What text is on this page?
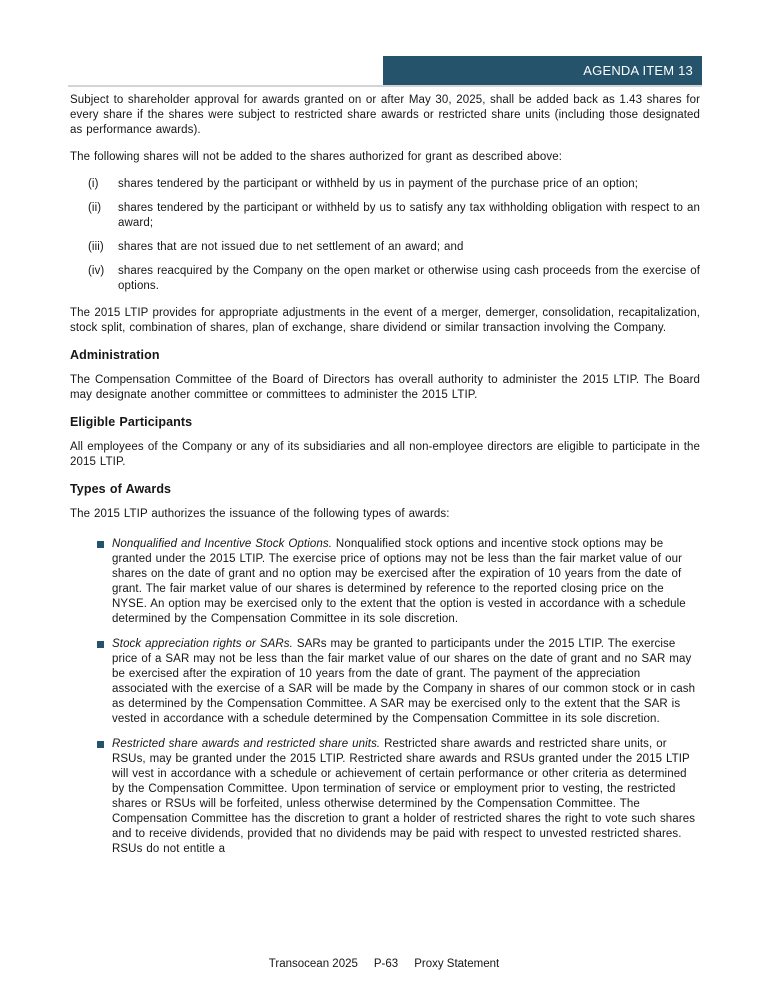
AGENDA ITEM 13

Subject to shareholder approval for awards granted on or after May 30, 2025, shall be added back as 1.43 shares for every share if the shares were subject to restricted share awards or restricted share units (including those designated as performance awards).

The following shares will not be added to the shares authorized for grant as described above:

(i)	shares tendered by the participant or withheld by us in payment of the purchase price of an option;
(ii)	shares tendered by the participant or withheld by us to satisfy any tax withholding obligation with respect to an award;
(iii)	shares that are not issued due to net settlement of an award; and
(iv)	shares reacquired by the Company on the open market or otherwise using cash proceeds from the exercise of options.

The 2015 LTIP provides for appropriate adjustments in the event of a merger, demerger, consolidation, recapitalization, stock split, combination of shares, plan of exchange, share dividend or similar transaction involving the Company.

Administration

The Compensation Committee of the Board of Directors has overall authority to administer the 2015 LTIP. The Board may designate another committee or committees to administer the 2015 LTIP.

Eligible Participants

All employees of the Company or any of its subsidiaries and all non-employee directors are eligible to participate in the 2015 LTIP.

Types of Awards

The 2015 LTIP authorizes the issuance of the following types of awards:

Nonqualified and Incentive Stock Options. Nonqualified stock options and incentive stock options may be granted under the 2015 LTIP. The exercise price of options may not be less than the fair market value of our shares on the date of grant and no option may be exercised after the expiration of 10 years from the date of grant. The fair market value of our shares is determined by reference to the reported closing price on the NYSE. An option may be exercised only to the extent that the option is vested in accordance with a schedule determined by the Compensation Committee in its sole discretion.
Stock appreciation rights or SARs. SARs may be granted to participants under the 2015 LTIP. The exercise price of a SAR may not be less than the fair market value of our shares on the date of grant and no SAR may be exercised after the expiration of 10 years from the date of grant. The payment of the appreciation associated with the exercise of a SAR will be made by the Company in shares of our common stock or in cash as determined by the Compensation Committee. A SAR may be exercised only to the extent that the SAR is vested in accordance with a schedule determined by the Compensation Committee in its sole discretion.
Restricted share awards and restricted share units. Restricted share awards and restricted share units, or RSUs, may be granted under the 2015 LTIP. Restricted share awards and RSUs granted under the 2015 LTIP will vest in accordance with a schedule or achievement of certain performance or other criteria as determined by the Compensation Committee. Upon termination of service or employment prior to vesting, the restricted shares or RSUs will be forfeited, unless otherwise determined by the Compensation Committee. The Compensation Committee has the discretion to grant a holder of restricted shares the right to vote such shares and to receive dividends, provided that no dividends may be paid with respect to unvested restricted shares. RSUs do not entitle a
Transocean 2025 P-63 Proxy Statement
